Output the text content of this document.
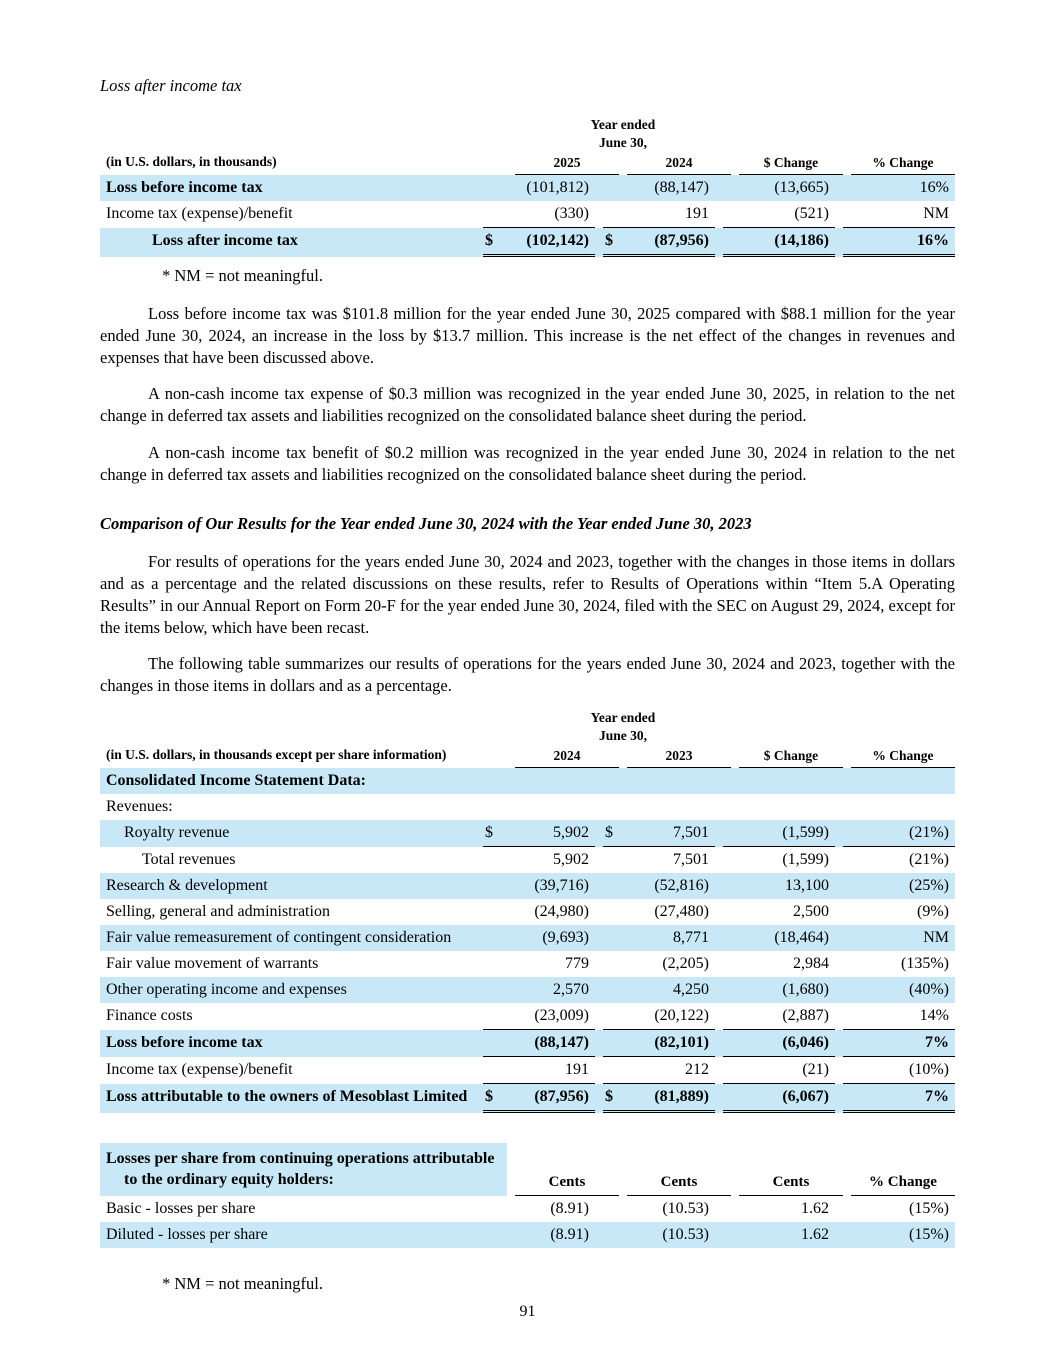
Loss after income tax
Year ended
June 30,
(in U.S. dollars, in thousands)	2025	2024	$ Change	% Change
Loss before income tax	(101,812)	(88,147)	(13,665)	16%
Income tax (expense)/benefit	(330)	191	(521)	NM
Loss after income tax	$ (102,142) $	(87,956)	(14,186)	16%
* NM = not meaningful.

Loss before income tax was $101.8 million for the year ended June 30, 2025 compared with $88.1 million for the year ended June 30, 2024, an increase in the loss by $13.7 million. This increase is the net effect of the changes in revenues and expenses that have been discussed above.

A non-cash income tax expense of $0.3 million was recognized in the year ended June 30, 2025, in relation to the net change in deferred tax assets and liabilities recognized on the consolidated balance sheet during the period.

A non-cash income tax benefit of $0.2 million was recognized in the year ended June 30, 2024 in relation to the net change in deferred tax assets and liabilities recognized on the consolidated balance sheet during the period.

Comparison of Our Results for the Year ended June 30, 2024 with the Year ended June 30, 2023

For results of operations for the years ended June 30, 2024 and 2023, together with the changes in those items in dollars and as a percentage and the related discussions on these results, refer to Results of Operations within “Item 5.A Operating Results” in our Annual Report on Form 20-F for the year ended June 30, 2024, filed with the SEC on August 29, 2024, except for the items below, which have been recast.

The following table summarizes our results of operations for the years ended June 30, 2024 and 2023, together with the changes in those items in dollars and as a percentage.

Year ended
June 30,
(in U.S. dollars, in thousands except per share information)	2024	2023	$ Change	% Change
Consolidated Income Statement Data:
Revenues:
Royalty revenue	$	5,902 $	7,501	(1,599)	(21%)
Total revenues	5,902	7,501	(1,599)	(21%)
Research & development	(39,716)	(52,816)	13,100	(25%)
Selling, general and administration	(24,980)	(27,480)	2,500	(9%)
Fair value remeasurement of contingent consideration	(9,693)	8,771	(18,464)	NM
Fair value movement of warrants	779	(2,205)	2,984	(135%)
Other operating income and expenses	2,570	4,250	(1,680)	(40%)
Finance costs	(23,009)	(20,122)	(2,887)	14%
Loss before income tax	(88,147)	(82,101)	(6,046)	7%
Income tax (expense)/benefit	191	212	(21)	(10%)
Loss attributable to the owners of Mesoblast Limited	$	(87,956) $	(81,889)	(6,067)	7%
Losses per share from continuing operations attributable
to the ordinary equity holders:	Cents	Cents	Cents	% Change
Basic - losses per share	(8.91)	(10.53)	1.62	(15%)
Diluted - losses per share	(8.91)	(10.53)	1.62	(15%)
* NM = not meaningful.
91
